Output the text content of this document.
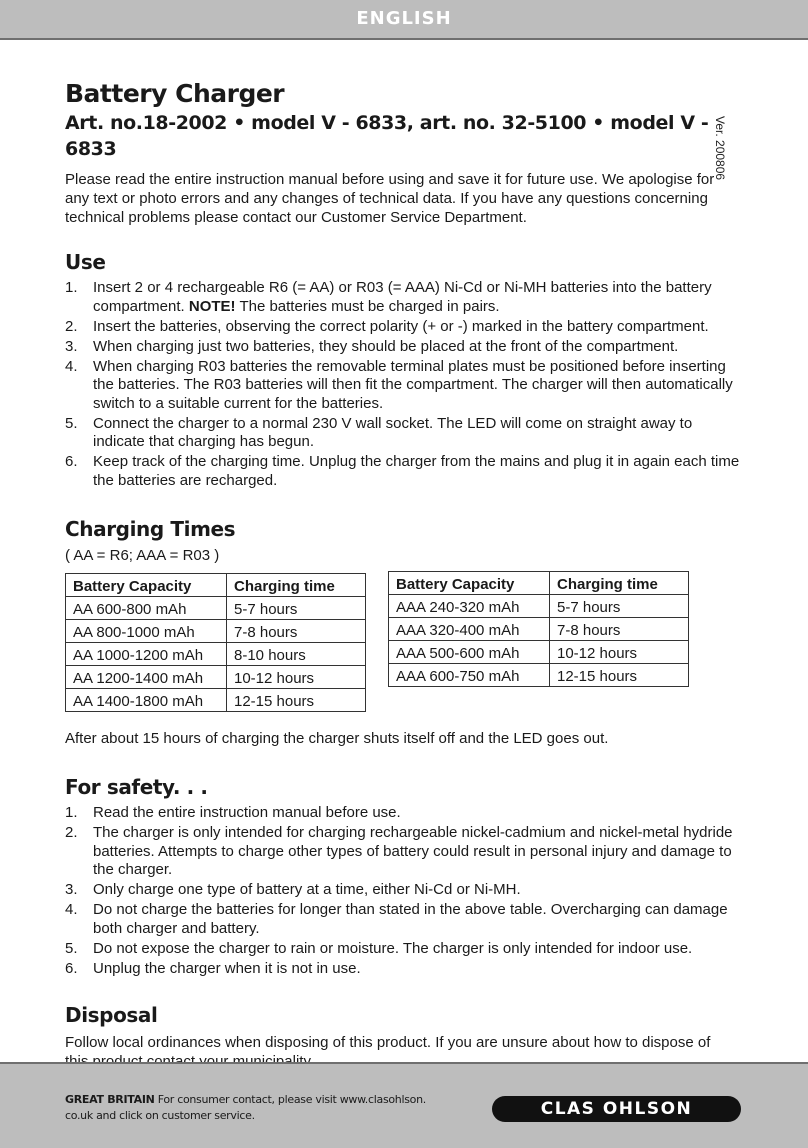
ENGLISH
Ver. 200806
Battery Charger
Art. no.18-2002 • model V - 6833, art. no. 32-5100 • model V - 6833

Please read the entire instruction manual before using and save it for future use. We apologise for any text or photo errors and any changes of technical data. If you have any questions concerning technical problems please contact our Customer Service Department.

Use
1. Insert 2 or 4 rechargeable R6 (= AA) or R03 (= AAA) Ni-Cd or Ni-MH batteries into the battery compartment. NOTE! The batteries must be charged in pairs.
2. Insert the batteries, observing the correct polarity (+ or -) marked in the battery compartment.
3. When charging just two batteries, they should be placed at the front of the compartment.
4. When charging R03 batteries the removable terminal plates must be positioned before inserting the batteries. The R03 batteries will then fit the compartment. The charger will then automatically switch to a suitable current for the batteries.
5. Connect the charger to a normal 230 V wall socket. The LED will come on straight away to indicate that charging has begun.
6. Keep track of the charging time. Unplug the charger from the mains and plug it in again each time the batteries are recharged.
Charging Times

( AA = R6; AAA = R03 )

Battery Capacity	Charging time
AA 600-800 mAh	5-7 hours
AA 800-1000 mAh	7-8 hours
AA 1000-1200 mAh	8-10 hours
AA 1200-1400 mAh	10-12 hours
AA 1400-1800 mAh	12-15 hours
Battery Capacity	Charging time
AAA 240-320 mAh	5-7 hours
AAA 320-400 mAh	7-8 hours
AAA 500-600 mAh	10-12 hours
AAA 600-750 mAh	12-15 hours

After about 15 hours of charging the charger shuts itself off and the LED goes out.

For safety. . .
1. Read the entire instruction manual before use.
2. The charger is only intended for charging rechargeable nickel-cadmium and nickel-metal hydride batteries. Attempts to charge other types of battery could result in personal injury and damage to the charger.
3. Only charge one type of battery at a time, either Ni-Cd or Ni-MH.
4. Do not charge the batteries for longer than stated in the above table. Overcharging can damage both charger and battery.
5. Do not expose the charger to rain or moisture. The charger is only intended for indoor use.
6. Unplug the charger when it is not in use.
Disposal

Follow local ordinances when disposing of this product. If you are unsure about how to dispose of

GREAT BRITAIN For consumer contact, please visit www.clasohlson.
co.uk and click on customer service.	CLAS OHLSON
